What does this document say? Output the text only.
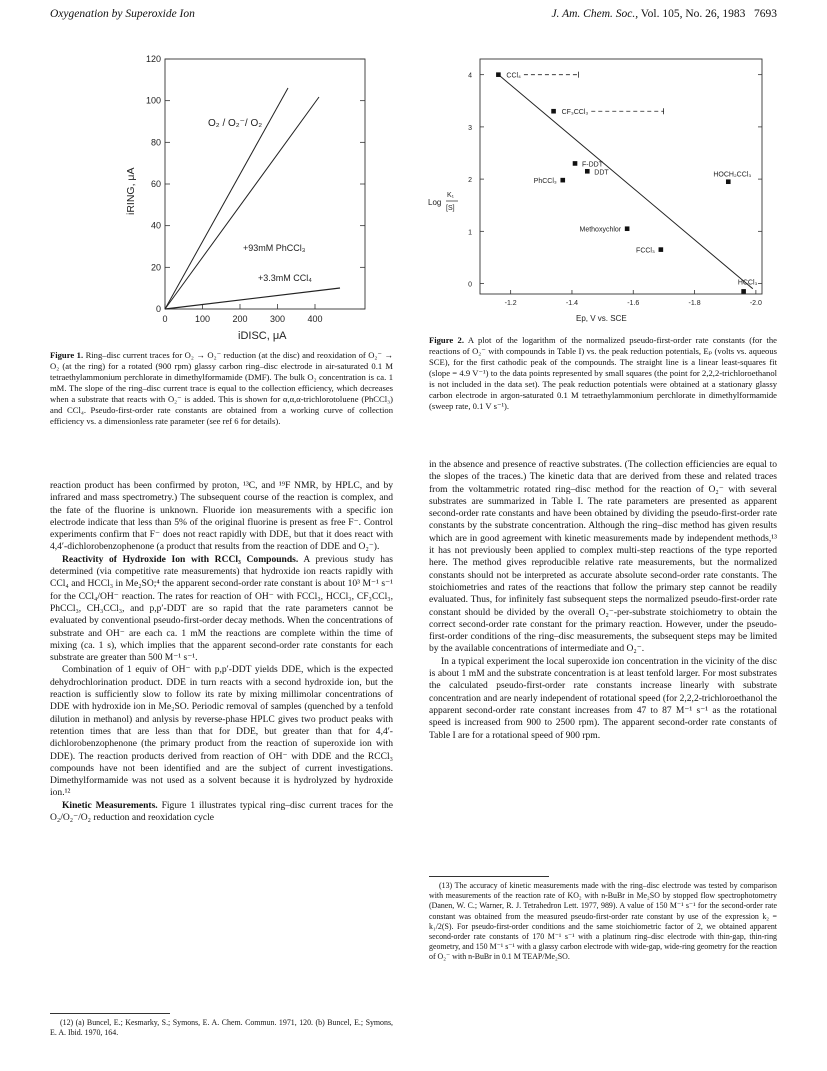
Oxygenation by Superoxide Ion	J. Am. Chem. Soc., Vol. 105, No. 26, 1983 7693
120
100
80
60
40
20
0
0	100 200 300 400
O₂ / O₂⁻/ O₂
+93mM PhCCl₃
+3.3mM CCl₄
iRING, μA
iDISC, μA
Figure 1. Ring–disc current traces for O₂ → O₂⁻ reduction (at the disc) and reoxidation of O₂⁻ → O₂ (at the ring) for a rotated (900 rpm) glassy carbon ring–disc electrode in air-saturated 0.1 M tetraethylammonium perchlorate in dimethylformamide (DMF). The bulk O₂ concentration is ca. 1 mM. The slope of the ring–disc current trace is equal to the collection efficiency, which decreases when a substrate that reacts with O₂⁻ is added. This is shown for α,α,α-trichlorotoluene (PhCCl₃) and CCl₄. Pseudo-first-order rate constants are obtained from a working curve of collection efficiency vs. a dimensionless rate parameter (see ref 6 for details).
4
3
2
1
0
-1.2	-1.4	-1.6	-1.8	-2.0
CCl₄
CF₃CCl₃
F-DDT
DDT
PhCCl₃
HOCH₂CCl₃
Methoxychlor
FCCl₃
HCCl₃
Log
K₁
[S]
Ep, V vs. SCE
Figure 2. A plot of the logarithm of the normalized pseudo-first-order rate constants (for the reactions of O₂⁻ with compounds in Table I) vs. the peak reduction potentials, Eₚ (volts vs. aqueous SCE), for the first cathodic peak of the compounds. The straight line is a linear least-squares fit (slope = 4.9 V⁻¹) to the data points represented by small squares (the point for 2,2,2-trichloroethanol is not included in the data set). The peak reduction potentials were obtained at a stationary glassy carbon electrode in argon-saturated 0.1 M tetraethylammonium perchlorate in dimethylformamide (sweep rate, 0.1 V s⁻¹).

reaction product has been confirmed by proton, ¹³C, and ¹⁹F NMR, by HPLC, and by infrared and mass spectrometry.) The subsequent course of the reaction is complex, and the fate of the fluorine is unknown. Fluoride ion measurements with a specific ion electrode indicate that less than 5% of the original fluorine is present as free F⁻. Control experiments confirm that F⁻ does not react rapidly with DDE, but that it does react with 4,4′-dichlorobenzophenone (a product that results from the reaction of DDE and O₂⁻).

Reactivity of Hydroxide Ion with RCCl₃ Compounds. A previous study has determined (via competitive rate measurements) that hydroxide ion reacts rapidly with CCl₄ and HCCl₃ in Me₂SO;⁴ the apparent second-order rate constant is about 10³ M⁻¹ s⁻¹ for the CCl₄/OH⁻ reaction. The rates for reaction of OH⁻ with FCCl₃, HCCl₃, CF₃CCl₃, PhCCl₃, CH₃CCl₃, and p,p′-DDT are so rapid that the rate parameters cannot be evaluated by conventional pseudo-first-order decay methods. When the concentrations of substrate and OH⁻ are each ca. 1 mM the reactions are complete within the time of mixing (ca. 1 s), which implies that the apparent second-order rate constants for each substrate are greater than 500 M⁻¹ s⁻¹.

Combination of 1 equiv of OH⁻ with p,p′-DDT yields DDE, which is the expected dehydrochlorination product. DDE in turn reacts with a second hydroxide ion, but the reaction is sufficiently slow to follow its rate by mixing millimolar concentrations of DDE with hydroxide ion in Me₂SO. Periodic removal of samples (quenched by a tenfold dilution in methanol) and anlysis by reverse-phase HPLC gives two product peaks with retention times that are less than that for DDE, but greater than that for 4,4′-dichlorobenzophenone (the primary product from the reaction of superoxide ion with DDE). The reaction products derived from reaction of OH⁻ with DDE and the RCCl₃ compounds have not been identified and are the subject of current investigations. Dimethylformamide was not used as a solvent because it is hydrolyzed by hydroxide ion.¹²

Kinetic Measurements. Figure 1 illustrates typical ring–disc current traces for the O₂/O₂⁻/O₂ reduction and reoxidation cycle

in the absence and presence of reactive substrates. (The collection efficiencies are equal to the slopes of the traces.) The kinetic data that are derived from these and related traces from the voltammetric rotated ring–disc method for the reaction of O₂⁻ with several substrates are summarized in Table I. The rate parameters are presented as apparent second-order rate constants and have been obtained by dividing the pseudo-first-order rate constants by the substrate concentration. Although the ring–disc method has given results which are in good agreement with kinetic measurements made by independent methods,¹³ it has not previously been applied to complex multi-step reactions of the type reported here. The method gives reproducible relative rate measurements, but the normalized constants should not be interpreted as accurate absolute second-order rate constants. The stoichiometries and rates of the reactions that follow the primary step cannot be readily evaluated. Thus, for infinitely fast subsequent steps the normalized pseudo-first-order rate constant should be divided by the overall O₂⁻-per-substrate stoichiometry to obtain the correct second-order rate constant for the primary reaction. However, under the pseudo-first-order conditions of the ring–disc measurements, the subsequent steps may be limited by the available concentrations of intermediate and O₂⁻.

In a typical experiment the local superoxide ion concentration in the vicinity of the disc is about 1 mM and the substrate concentration is at least tenfold larger. For most substrates the calculated pseudo-first-order rate constants increase linearly with substrate concentration and are nearly independent of rotational speed (for 2,2,2-trichloroethanol the apparent second-order rate constant increases from 47 to 87 M⁻¹ s⁻¹ as the rotational speed is increased from 900 to 2500 rpm). The apparent second-order rate constants of Table I are for a rotational speed of 900 rpm.

(12) (a) Buncel, E.; Kesmarky, S.; Symons, E. A. Chem. Commun. 1971, 120. (b) Buncel, E.; Symons, E. A. Ibid. 1970, 164.

(13) The accuracy of kinetic measurements made with the ring–disc electrode was tested by comparison with measurements of the reaction rate of KO₂ with n-BuBr in Me₂SO by stopped flow spectrophotometry (Danen, W. C.; Warner, R. J. Tetrahedron Lett. 1977, 989). A value of 150 M⁻¹ s⁻¹ for the second-order rate constant was obtained from the measured pseudo-first-order rate constant by use of the expression k₂ = k₁/2(S). For pseudo-first-order conditions and the same stoichiometric factor of 2, we obtained apparent second-order rate constants of 170 M⁻¹ s⁻¹ with a platinum ring–disc electrode with thin-gap, thin-ring geometry, and 150 M⁻¹ s⁻¹ with a glassy carbon electrode with wide-gap, wide-ring geometry for the reaction of O₂⁻ with n-BuBr in 0.1 M TEAP/Me₂SO.
